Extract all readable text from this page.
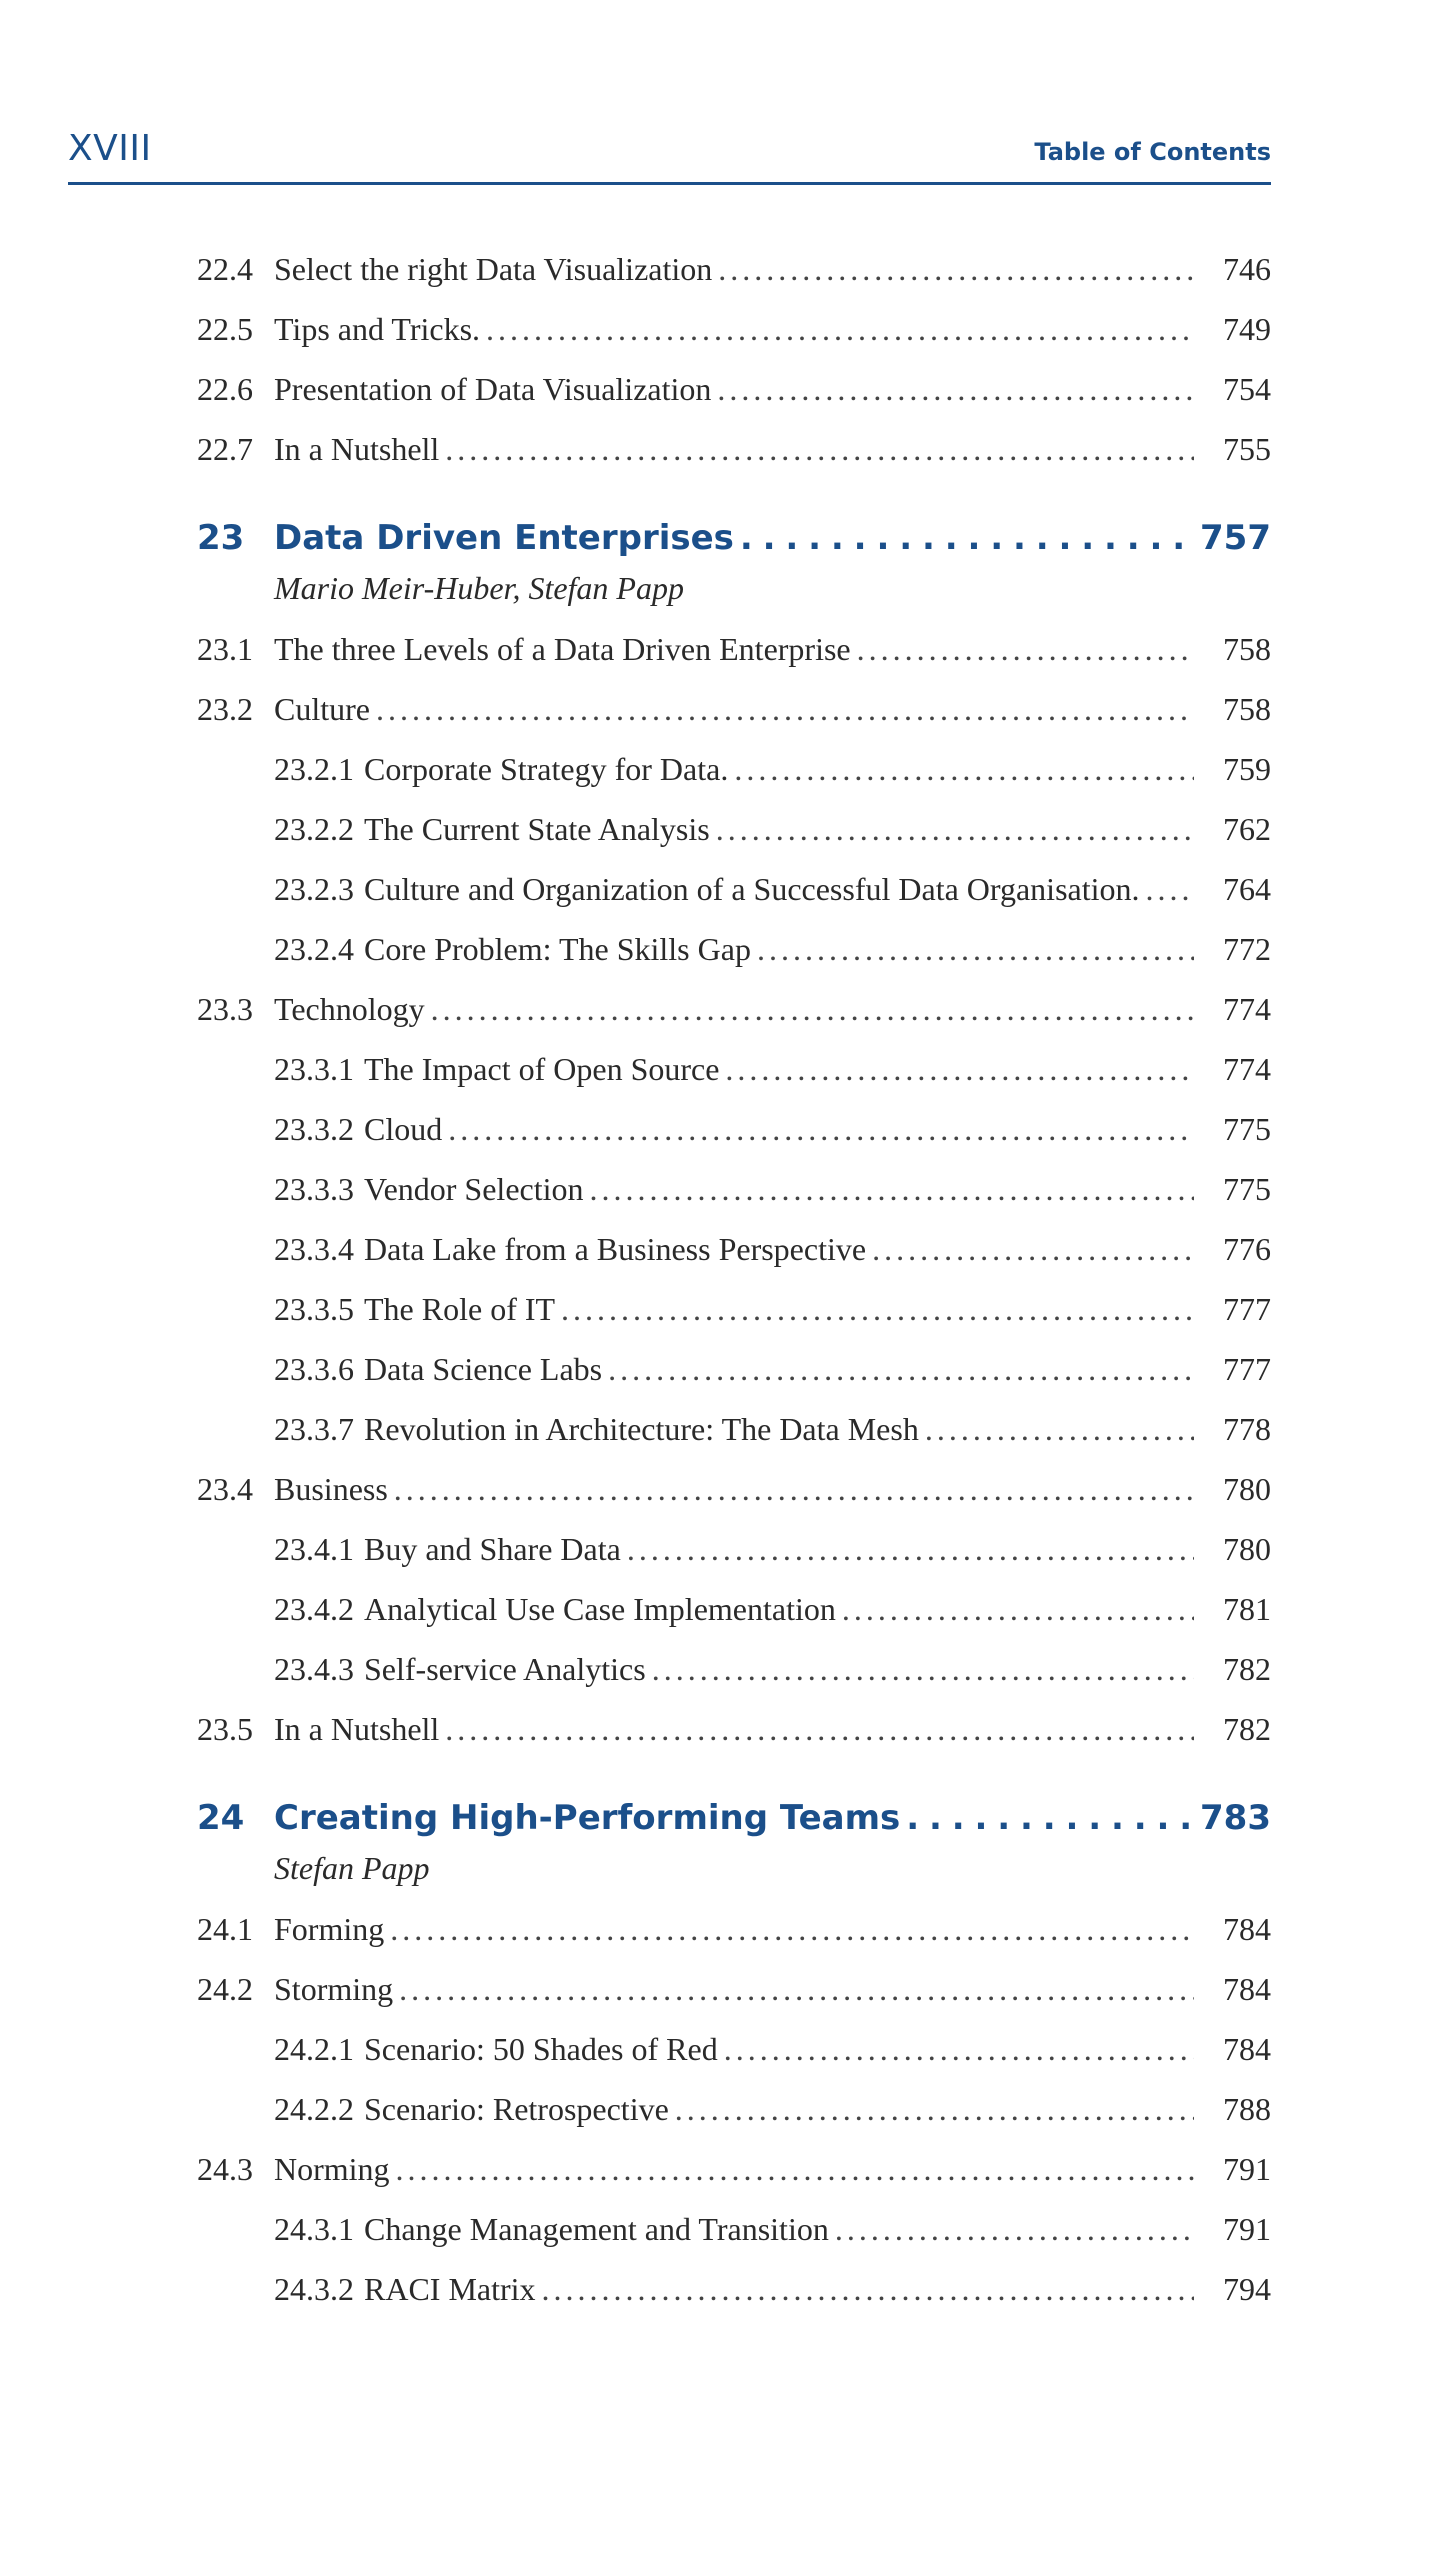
XVIII	Table of Contents
22.4 Select the right Data Visualization . . .	746
22.5 Tips and Tricks. . . .	749
22.6 Presentation of Data Visualization . . .	754
22.7 In a Nutshell . . .	755
23 Data Driven Enterprises . . .	757
Mario Meir-Huber, Stefan Papp
23.1 The three Levels of a Data Driven Enterprise . . .	758
23.2 Culture . . .	758
23.2.1 Corporate Strategy for Data. . . .	759
23.2.2 The Current State Analysis . . .	762
23.2.3 Culture and Organization of a Successful Data Organisation. . . .	764
23.2.4 Core Problem: The Skills Gap . . .	772
23.3 Technology . . .	774
23.3.1 The Impact of Open Source . . .	774
23.3.2 Cloud . . .	775
23.3.3 Vendor Selection . . .	775
23.3.4 Data Lake from a Business Perspective . . .	776
23.3.5 The Role of IT . . .	777
23.3.6 Data Science Labs . . .	777
23.3.7 Revolution in Architecture: The Data Mesh . . .	778
23.4 Business . . .	780
23.4.1 Buy and Share Data . . .	780
23.4.2 Analytical Use Case Implementation . . .	781
23.4.3 Self-service Analytics . . .	782
23.5 In a Nutshell . . .	782
24 Creating High-Performing Teams . . .	783
Stefan Papp
24.1 Forming . . .	784
24.2 Storming . . .	784
24.2.1 Scenario: 50 Shades of Red . . .	784
24.2.2 Scenario: Retrospective . . .	788
24.3 Norming . . .	791
24.3.1 Change Management and Transition . . .	791
24.3.2 RACI Matrix . . .	794
